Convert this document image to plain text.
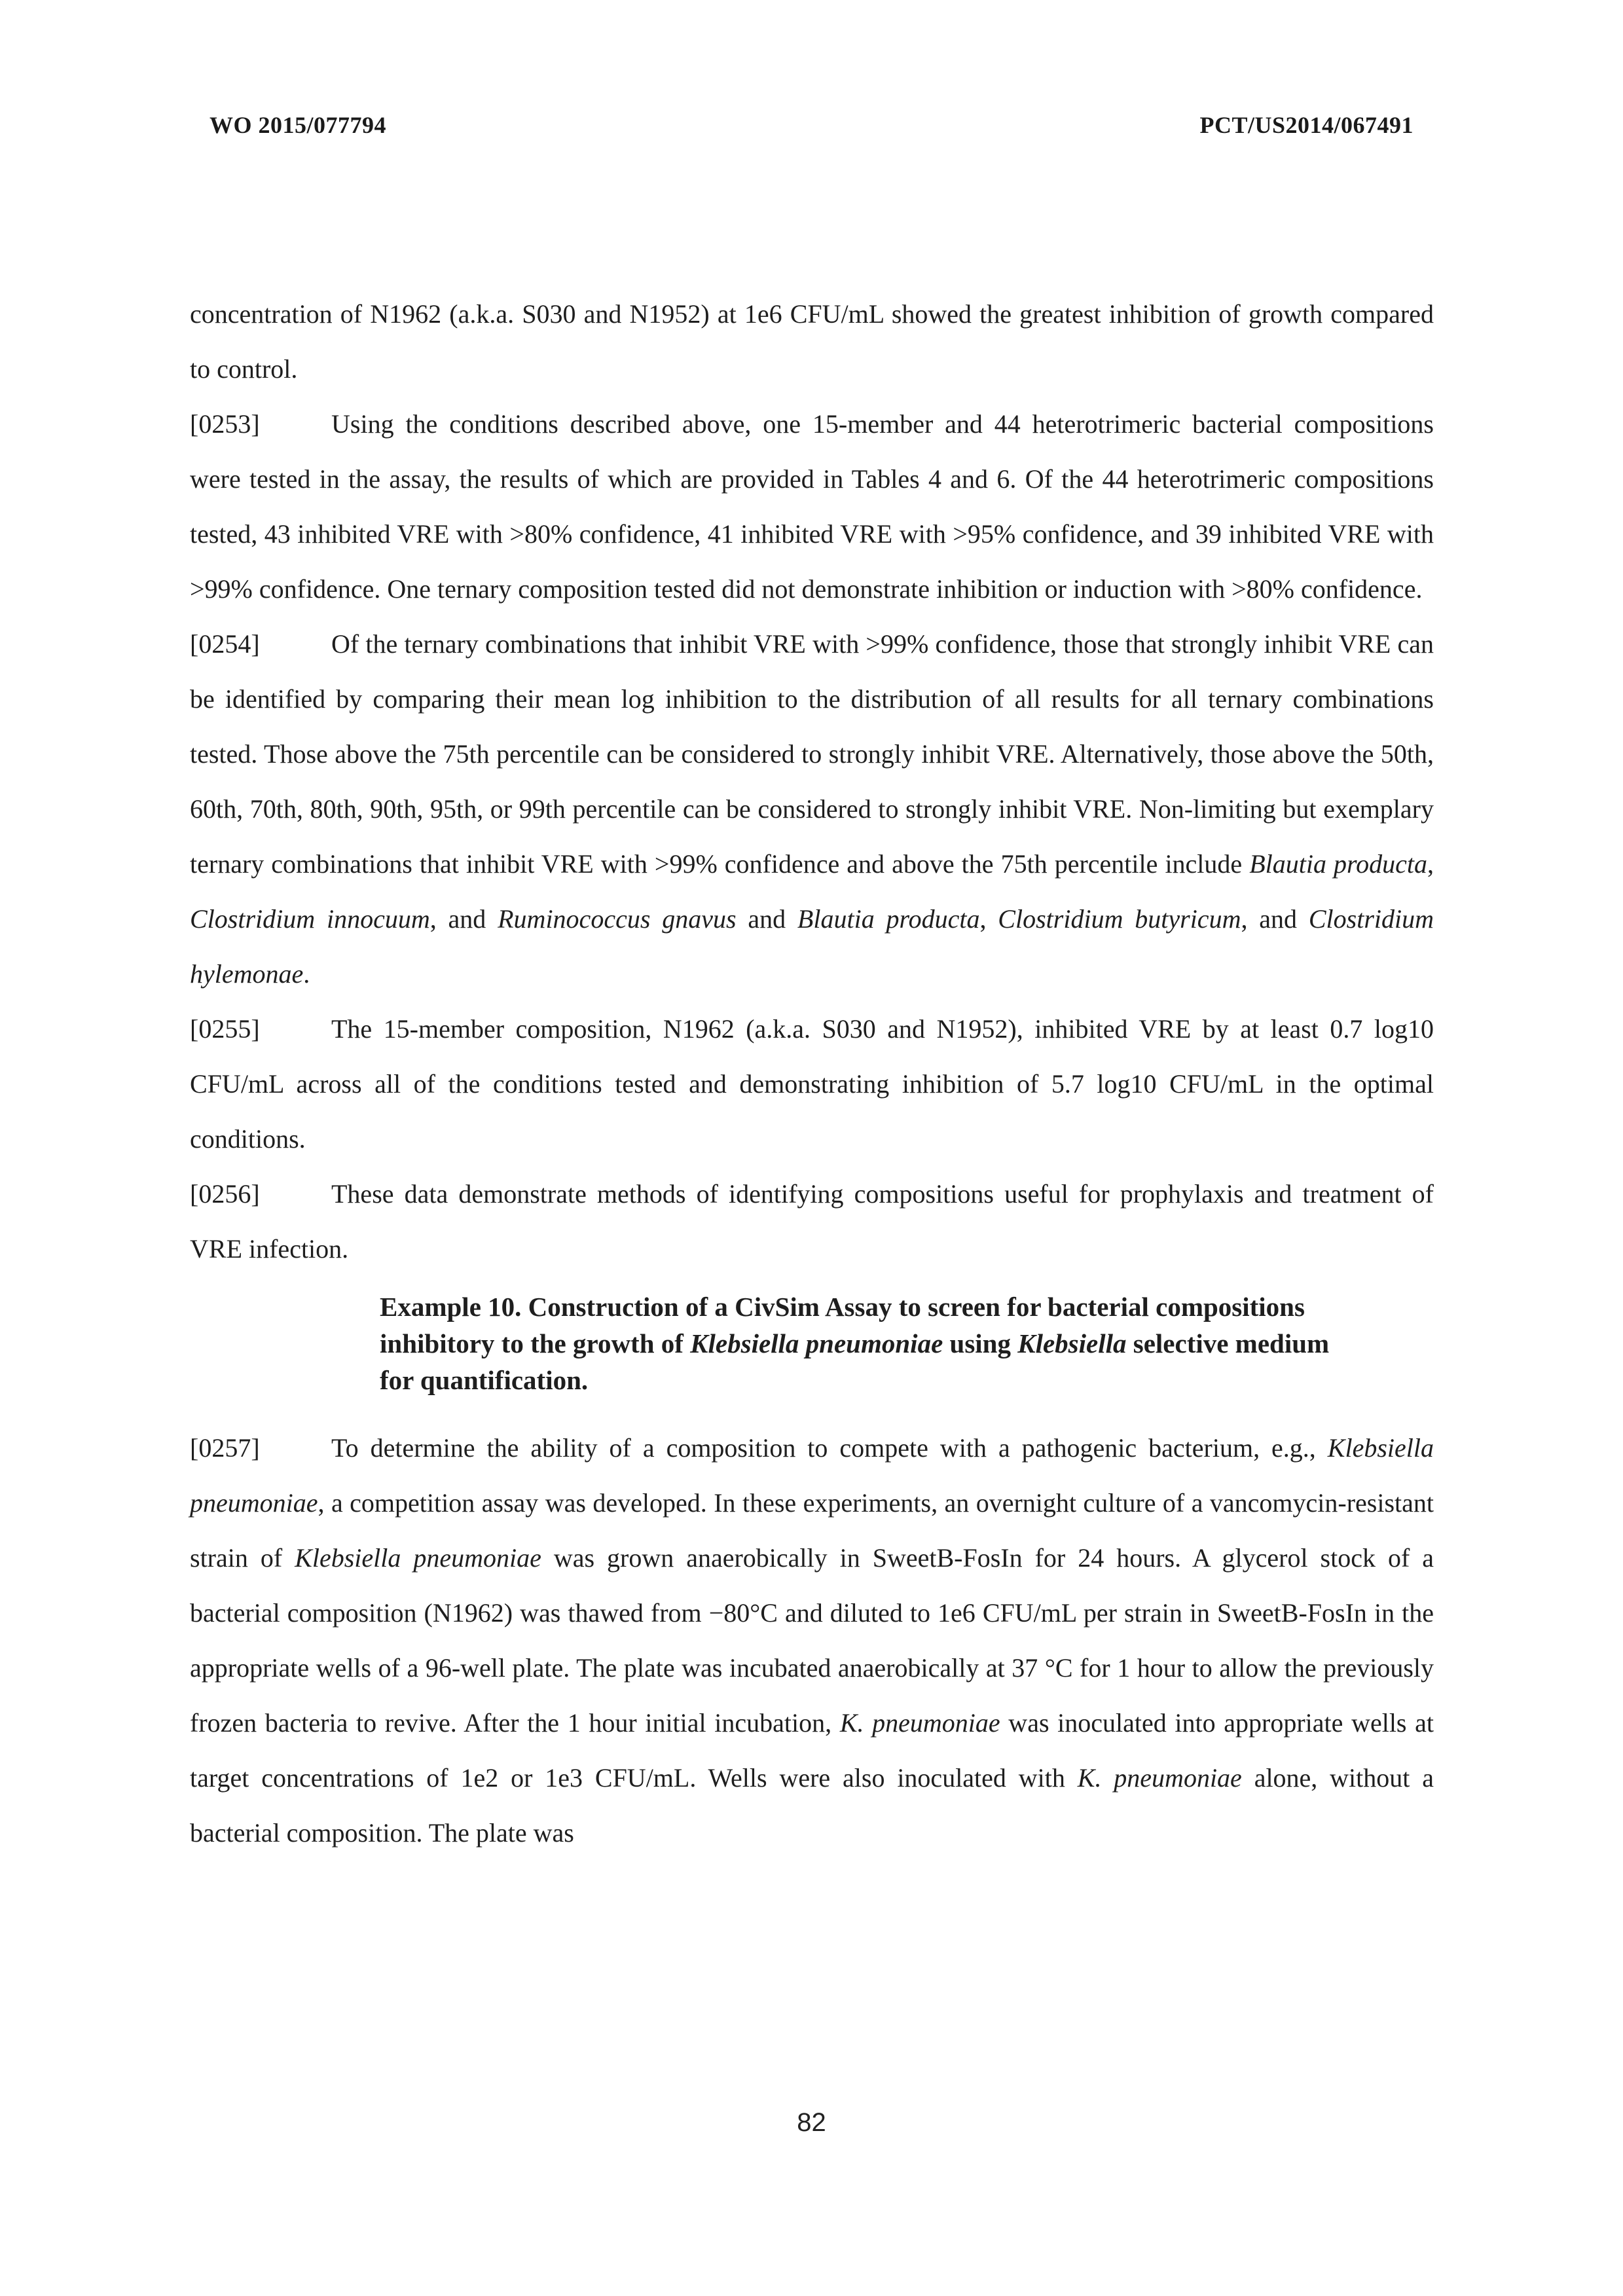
WO 2015/077794	PCT/US2014/067491

concentration of N1962 (a.k.a. S030 and N1952) at 1e6 CFU/mL showed the greatest inhibition of growth compared to control.

[0253]	Using the conditions described above, one 15-member and 44 heterotrimeric bacterial compositions were tested in the assay, the results of which are provided in Tables 4 and 6. Of the 44 heterotrimeric compositions tested, 43 inhibited VRE with >80% confidence, 41 inhibited VRE with >95% confidence, and 39 inhibited VRE with >99% confidence. One ternary composition tested did not demonstrate inhibition or induction with >80% confidence.

[0254]	Of the ternary combinations that inhibit VRE with >99% confidence, those that strongly inhibit VRE can be identified by comparing their mean log inhibition to the distribution of all results for all ternary combinations tested. Those above the 75th percentile can be considered to strongly inhibit VRE. Alternatively, those above the 50th, 60th, 70th, 80th, 90th, 95th, or 99th percentile can be considered to strongly inhibit VRE. Non-limiting but exemplary ternary combinations that inhibit VRE with >99% confidence and above the 75th percentile include Blautia producta, Clostridium innocuum, and Ruminococcus gnavus and Blautia producta, Clostridium butyricum, and Clostridium hylemonae.

[0255]	The 15-member composition, N1962 (a.k.a. S030 and N1952), inhibited VRE by at least 0.7 log10 CFU/mL across all of the conditions tested and demonstrating inhibition of 5.7 log10 CFU/mL in the optimal conditions.

[0256]	These data demonstrate methods of identifying compositions useful for prophylaxis and treatment of VRE infection.

Example 10. Construction of a CivSim Assay to screen for bacterial compositions inhibitory to the growth of Klebsiella pneumoniae using Klebsiella selective medium for quantification.

[0257]	To determine the ability of a composition to compete with a pathogenic bacterium, e.g., Klebsiella pneumoniae, a competition assay was developed. In these experiments, an overnight culture of a vancomycin-resistant strain of Klebsiella pneumoniae was grown anaerobically in SweetB-FosIn for 24 hours. A glycerol stock of a bacterial composition (N1962) was thawed from −80°C and diluted to 1e6 CFU/mL per strain in SweetB-FosIn in the appropriate wells of a 96-well plate. The plate was incubated anaerobically at 37 °C for 1 hour to allow the previously frozen bacteria to revive. After the 1 hour initial incubation, K. pneumoniae was inoculated into appropriate wells at target concentrations of 1e2 or 1e3 CFU/mL. Wells were also inoculated with K. pneumoniae alone, without a bacterial composition. The plate was

82
